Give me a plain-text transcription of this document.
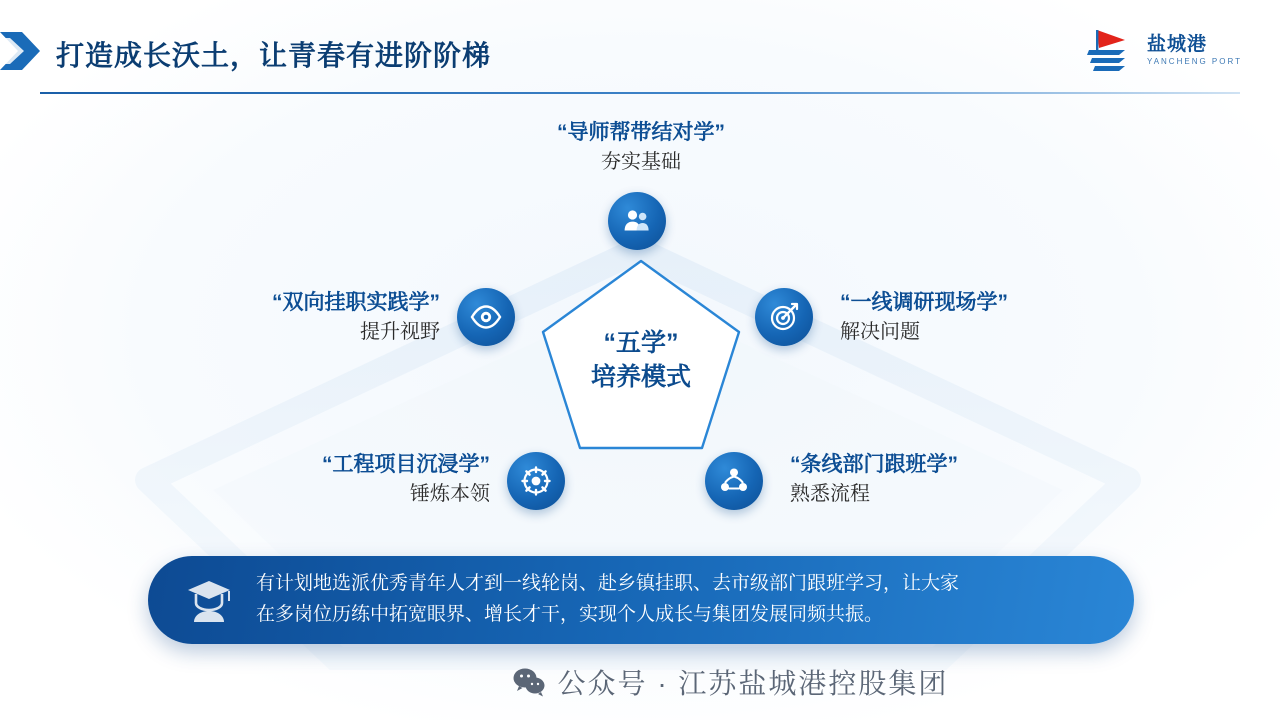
打造成长沃土，让青春有进阶阶梯	盐城港
YANCHENG PORT
“五学”
培养模式
“导师帮带结对学”
夯实基础
“双向挂职实践学”
提升视野
“一线调研现场学”
解决问题
“工程项目沉浸学”
锤炼本领
“条线部门跟班学”
熟悉流程
有计划地选派优秀青年人才到一线轮岗、赴乡镇挂职、去市级部门跟班学习，让大家
在多岗位历练中拓宽眼界、增长才干，实现个人成长与集团发展同频共振。
公众号 · 江苏盐城港控股集团
